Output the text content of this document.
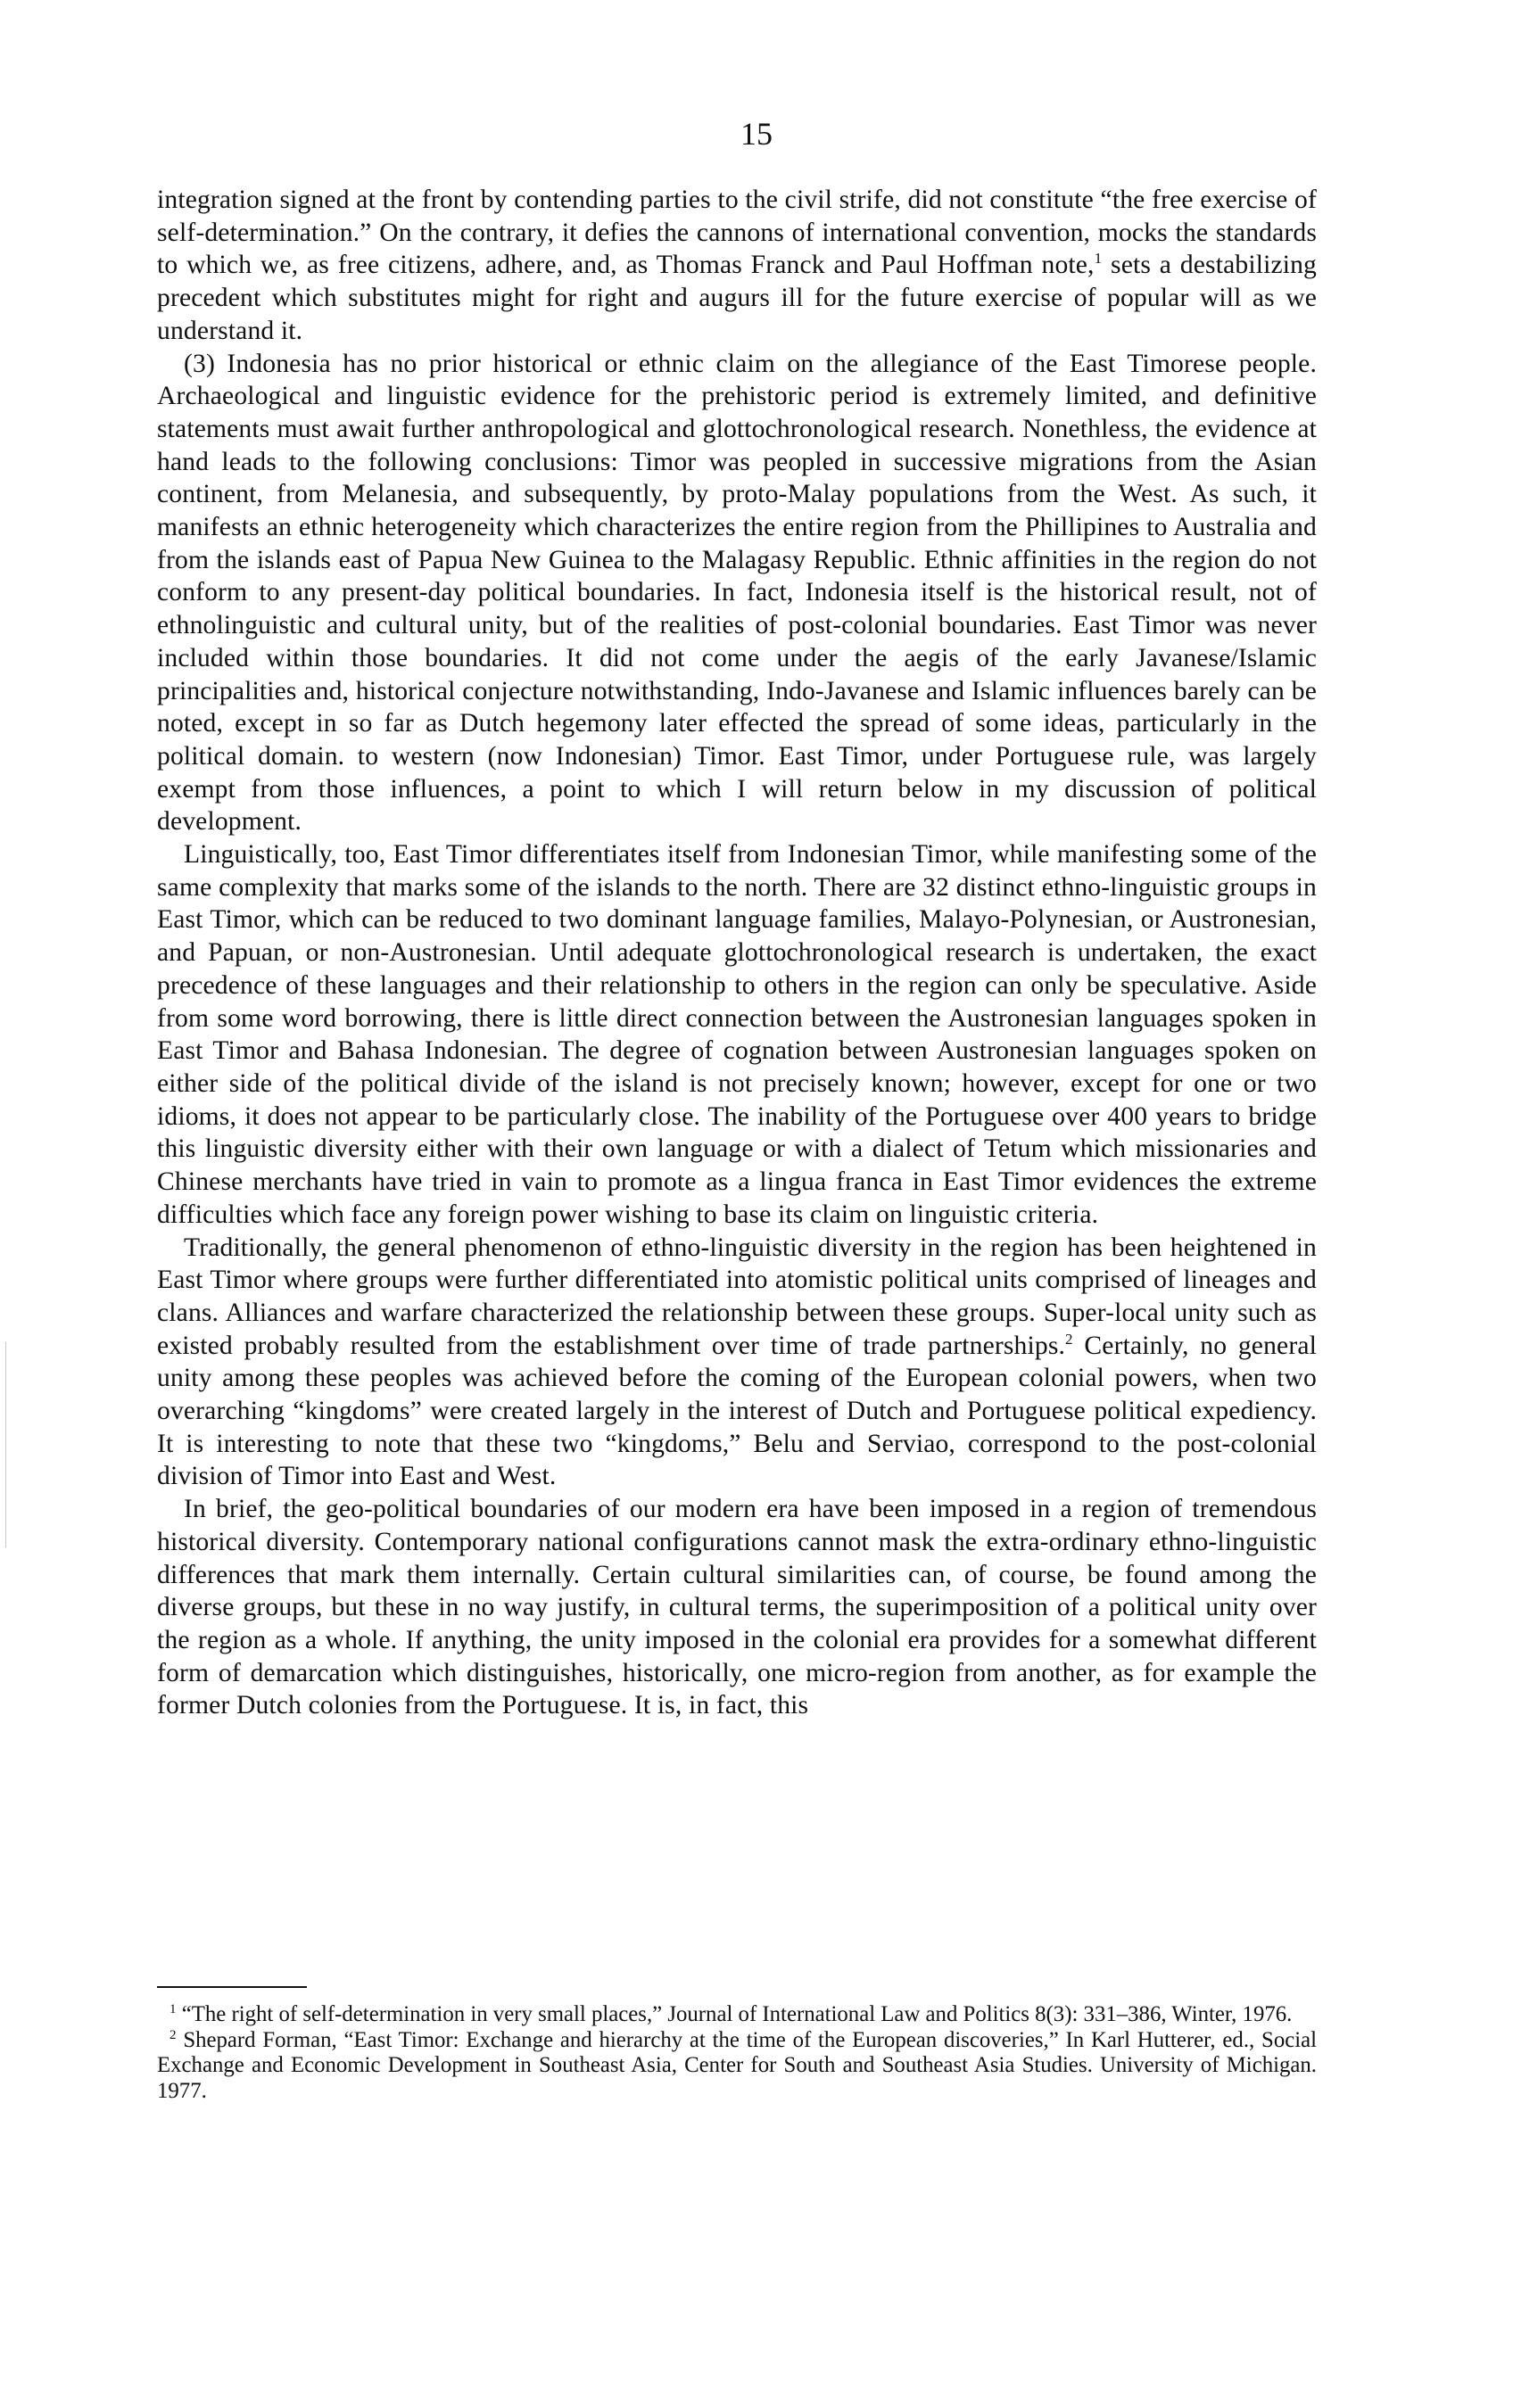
15

integration signed at the front by contending parties to the civil strife, did not constitute “the free exercise of self-determination.” On the contrary, it defies the cannons of international convention, mocks the standards to which we, as free citizens, adhere, and, as Thomas Franck and Paul Hoffman note,$^1$ sets a destabilizing precedent which substitutes might for right and augurs ill for the future exercise of popular will as we understand it.

(3) Indonesia has no prior historical or ethnic claim on the allegiance of the East Timorese people. Archaeological and linguistic evidence for the prehistoric period is extremely limited, and definitive statements must await further anthropological and glottochronological research. Nonethless, the evidence at hand leads to the following conclusions: Timor was peopled in successive migrations from the Asian continent, from Melanesia, and subsequently, by proto-Malay populations from the West. As such, it manifests an ethnic heterogeneity which characterizes the entire region from the Phillipines to Australia and from the islands east of Papua New Guinea to the Malagasy Republic. Ethnic affinities in the region do not conform to any present-day political boundaries. In fact, Indonesia itself is the historical result, not of ethnolinguistic and cultural unity, but of the realities of post-colonial boundaries. East Timor was never included within those boundaries. It did not come under the aegis of the early Javanese/Islamic principalities and, historical conjecture notwithstanding, Indo-Javanese and Islamic influences barely can be noted, except in so far as Dutch hegemony later effected the spread of some ideas, particularly in the political domain. to western (now Indonesian) Timor. East Timor, under Portuguese rule, was largely exempt from those influences, a point to which I will return below in my discussion of political development.

Linguistically, too, East Timor differentiates itself from Indonesian Timor, while manifesting some of the same complexity that marks some of the islands to the north. There are 32 distinct ethno-linguistic groups in East Timor, which can be reduced to two dominant language families, Malayo-Polynesian, or Austronesian, and Papuan, or non-Austronesian. Until adequate glottochronological research is undertaken, the exact precedence of these languages and their relationship to others in the region can only be speculative. Aside from some word borrowing, there is little direct connection between the Austronesian languages spoken in East Timor and Bahasa Indonesian. The degree of cognation between Austronesian languages spoken on either side of the political divide of the island is not precisely known; however, except for one or two idioms, it does not appear to be particularly close. The inability of the Portuguese over 400 years to bridge this linguistic diversity either with their own language or with a dialect of Tetum which missionaries and Chinese merchants have tried in vain to promote as a lingua franca in East Timor evidences the extreme difficulties which face any foreign power wishing to base its claim on linguistic criteria.

Traditionally, the general phenomenon of ethno-linguistic diversity in the region has been heightened in East Timor where groups were further differentiated into atomistic political units comprised of lineages and clans. Alliances and warfare characterized the relationship between these groups. Super-local unity such as existed probably resulted from the establishment over time of trade partnerships.$^2$ Certainly, no general unity among these peoples was achieved before the coming of the European colonial powers, when two overarching “kingdoms” were created largely in the interest of Dutch and Portuguese political expediency. It is interesting to note that these two “kingdoms,” Belu and Serviao, correspond to the post-colonial division of Timor into East and West.

In brief, the geo-political boundaries of our modern era have been imposed in a region of tremendous historical diversity. Contemporary national configurations cannot mask the extra-ordinary ethno-linguistic differences that mark them internally. Certain cultural similarities can, of course, be found among the diverse groups, but these in no way justify, in cultural terms, the superimposition of a political unity over the region as a whole. If anything, the unity imposed in the colonial era provides for a somewhat different form of demarcation which distinguishes, historically, one micro-region from another, as for example the former Dutch colonies from the Portuguese. It is, in fact, this

$^1$ “The right of self-determination in very small places,” Journal of International Law and Politics 8(3): 331–386, Winter, 1976.

$^2$ Shepard Forman, “East Timor: Exchange and hierarchy at the time of the European discoveries,” In Karl Hutterer, ed., Social Exchange and Economic Development in Southeast Asia, Center for South and Southeast Asia Studies. University of Michigan. 1977.
